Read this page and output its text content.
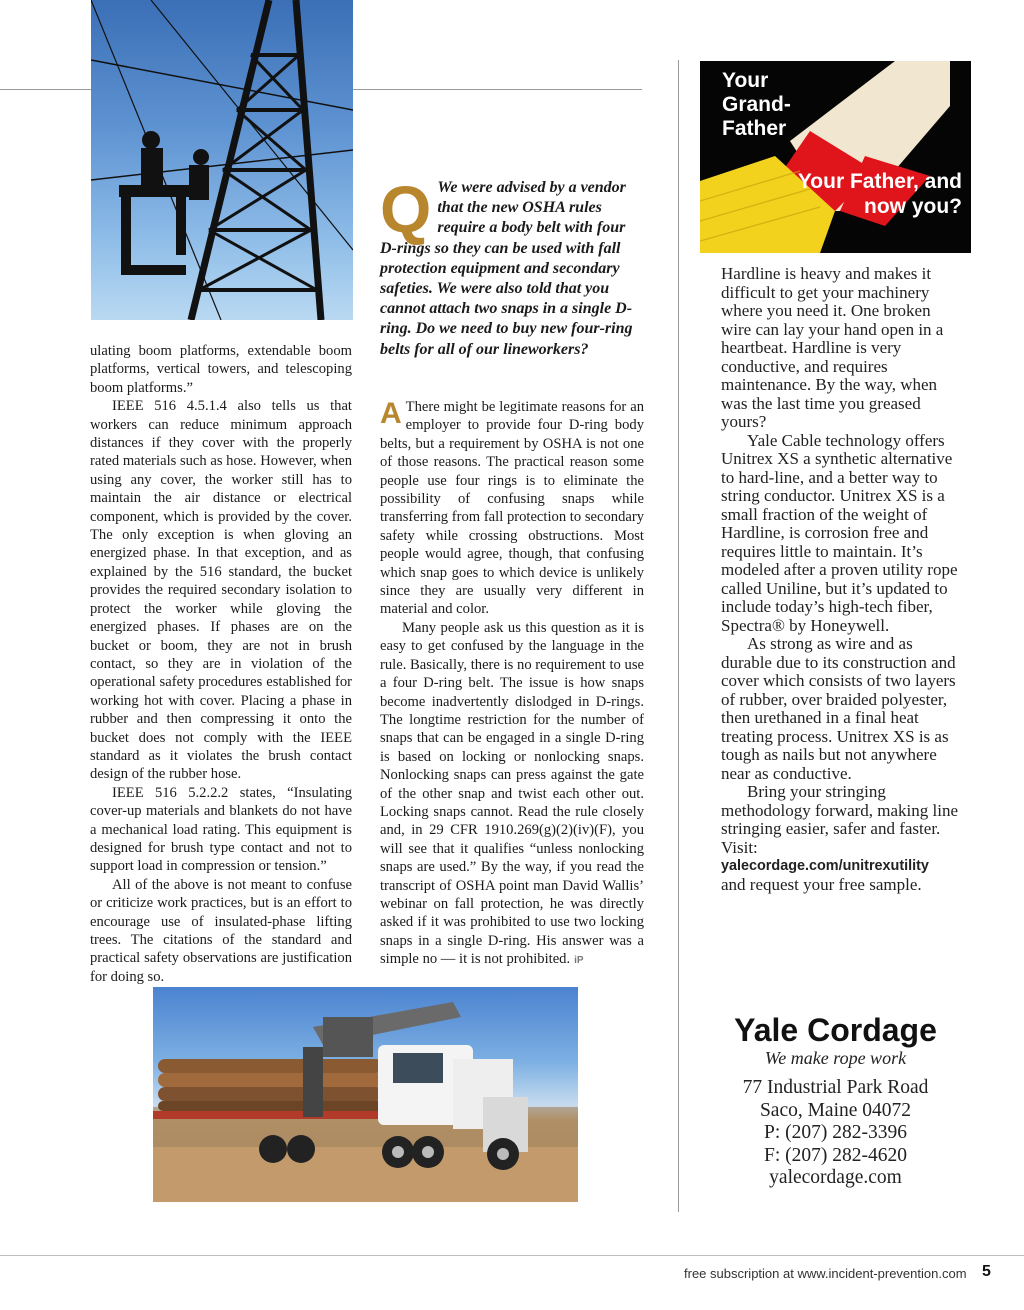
ulating boom platforms, extendable boom platforms, vertical towers, and telescoping boom platforms.”

IEEE 516 4.5.1.4 also tells us that workers can reduce minimum approach distances if they cover with the properly rated materials such as hose. However, when using any cover, the worker still has to maintain the air distance or electrical component, which is provided by the cover. The only exception is when gloving an energized phase. In that exception, and as explained by the 516 standard, the bucket provides the required secondary isolation to protect the worker while gloving the energized phases. If phases are on the bucket or boom, they are not in brush contact, so they are in violation of the operational safety procedures established for working hot with cover. Placing a phase in rubber and then compressing it onto the bucket does not comply with the IEEE standard as it violates the brush contact design of the rubber hose.

IEEE 516 5.2.2.2 states, “Insulating cover-up materials and blankets do not have a mechanical load rating. This equipment is designed for brush type contact and not to support load in compression or tension.”

All of the above is not meant to confuse or criticize work practices, but is an effort to encourage use of insulated-phase lifting trees. The citations of the standard and practical safety observations are justification for doing so.

Q We were advised by a vendor that the new OSHA rules require a body belt with four D-rings so they can be used with fall protection equipment and secondary safeties. We were also told that you cannot attach two snaps in a single D-ring. Do we need to buy new four-ring belts for all of our lineworkers?

A There might be legitimate reasons for an employer to provide four D-ring body belts, but a requirement by OSHA is not one of those reasons. The practical reason some people use four rings is to eliminate the possibility of confusing snaps while transferring from fall protection to secondary safety while crossing obstructions. Most people would agree, though, that confusing which snap goes to which device is unlikely since they are usually very different in material and color.

Many people ask us this question as it is easy to get confused by the language in the rule. Basically, there is no requirement to use a four D-ring belt. The issue is how snaps become inadvertently dislodged in D-rings. The longtime restriction for the number of snaps that can be engaged in a single D-ring is based on locking or nonlocking snaps. Nonlocking snaps can press against the gate of the other snap and twist each other out. Locking snaps cannot. Read the rule closely and, in 29 CFR 1910.269(g)(2)(iv)(F), you will see that it qualifies “unless nonlocking snaps are used.” By the way, if you read the transcript of OSHA point man David Wallis’ webinar on fall protection, he was directly asked if it was prohibited to use two locking snaps in a single D-ring. His answer was a simple no — it is not prohibited. iP

Your Grand-Father
Your Father, and now you?

Hardline is heavy and makes it difficult to get your machinery where you need it. One broken wire can lay your hand open in a heartbeat. Hardline is very conductive, and requires maintenance. By the way, when was the last time you greased yours?

Yale Cable technology offers Unitrex XS a synthetic alternative to hard-line, and a better way to string conductor. Unitrex XS is a small fraction of the weight of Hardline, is corrosion free and requires little to maintain. It’s modeled after a proven utility rope called Uniline, but it’s updated to include today’s high-tech fiber, Spectra® by Honeywell.

As strong as wire and as durable due to its construction and cover which consists of two layers of rubber, over braided polyester, then urethaned in a final heat treating process. Unitrex XS is as tough as nails but not anywhere near as conductive.

Bring your stringing methodology forward, making line stringing easier, safer and faster. Visit:

yalecordage.com/unitrexutility

and request your free sample.

Yale Cordage
We make rope work
77 Industrial Park Road
Saco, Maine 04072
P: (207) 282-3396
F: (207) 282-4620
yalecordage.com
free subscription at www.incident-prevention.com 5
